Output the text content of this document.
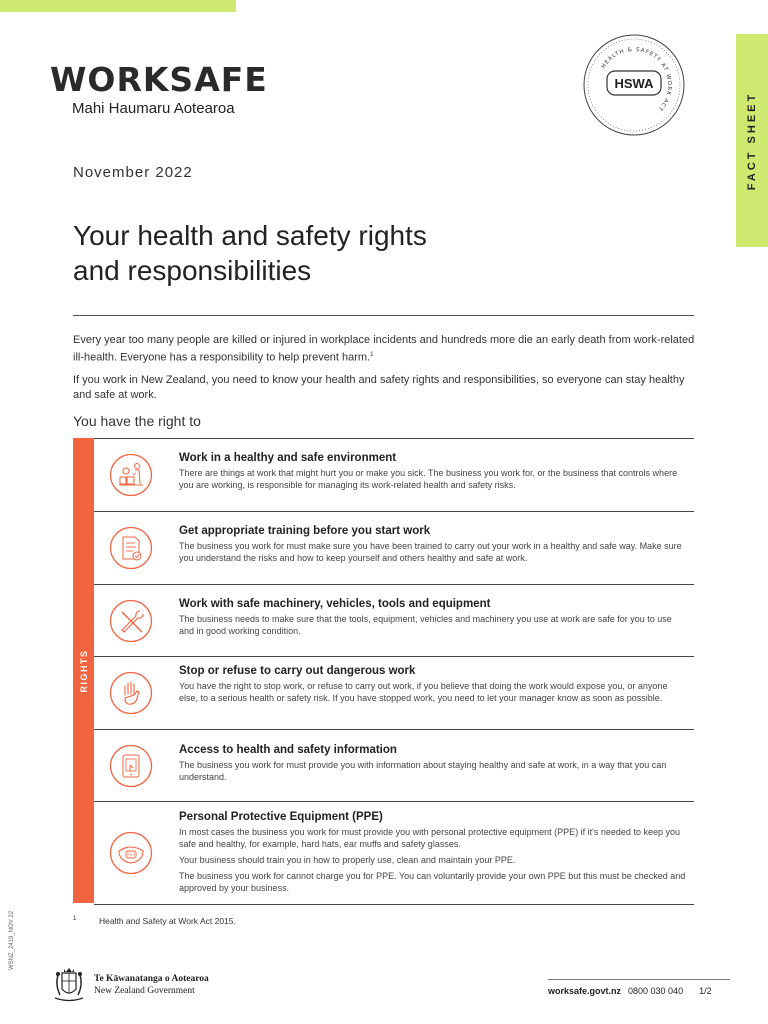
WORKSAFE
Mahi Haumaru Aotearoa
HEALTH & SAFETY AT WORK ACT
HSWA
FACT SHEET
November 2022
Your health and safety rights
and responsibilities

Every year too many people are killed or injured in workplace incidents and hundreds more die an early death from work-related ill-health. Everyone has a responsibility to help prevent harm.$^1$

If you work in New Zealand, you need to know your health and safety rights and responsibilities, so everyone can stay healthy and safe at work.

You have the right to
RIGHTS
Work in a healthy and safe environment

There are things at work that might hurt you or make you sick. The business you work for, or the business that controls where you are working, is responsible for managing its work-related health and safety risks.

Get appropriate training before you start work

The business you work for must make sure you have been trained to carry out your work in a healthy and safe way. Make sure you understand the risks and how to keep yourself and others healthy and safe at work.

Work with safe machinery, vehicles, tools and equipment

The business needs to make sure that the tools, equipment, vehicles and machinery you use at work are safe for you to use and in good working condition.

Stop or refuse to carry out dangerous work

You have the right to stop work, or refuse to carry out work, if you believe that doing the work would expose you, or anyone else, to a serious health or safety risk. If you have stopped work, you need to let your manager know as soon as possible.

Access to health and safety information

The business you work for must provide you with information about staying healthy and safe at work, in a way that you can understand.

Personal Protective Equipment (PPE)

In most cases the business you work for must provide you with personal protective equipment (PPE) if it's needed to keep you safe and healthy, for example, hard hats, ear muffs and safety glasses.

Your business should train you in how to properly use, clean and maintain your PPE.

The business you work for cannot charge you for PPE. You can voluntarily provide your own PPE but this must be checked and approved by your business.

1	Health and Safety at Work Act 2015.
WSNZ_2419_NOV 22
Te Kāwanatanga o Aotearoa
New Zealand Government	worksafe.govt.nz 0800 030 040 1/2
